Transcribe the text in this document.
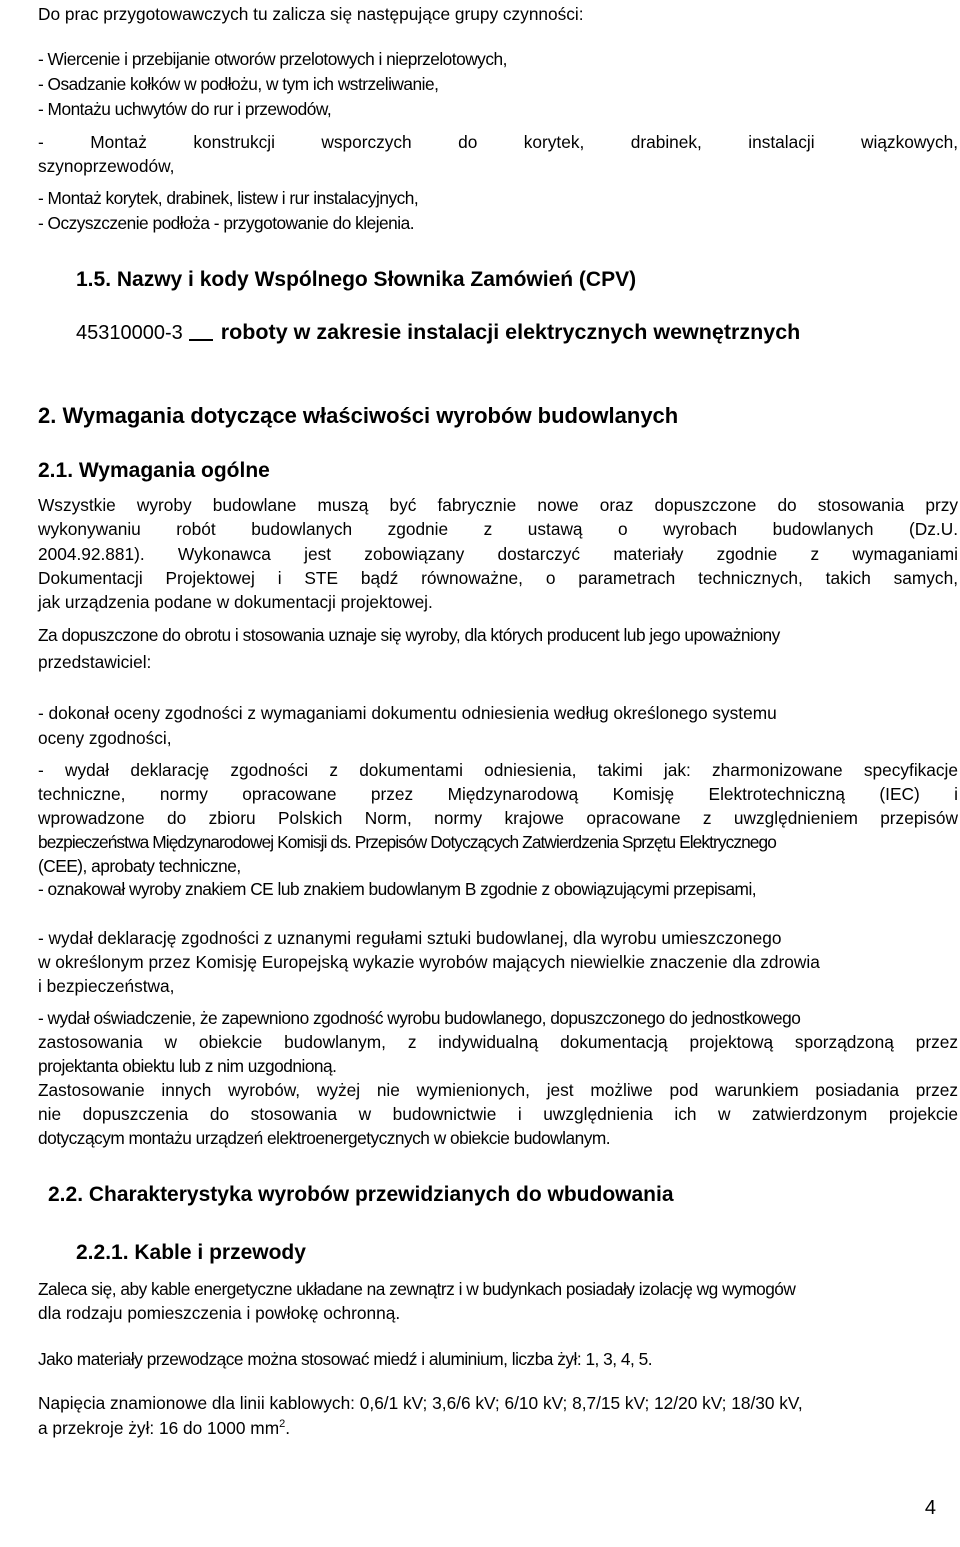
Do prac przygotowawczych tu zalicza się następujące grupy czynności:
- Wiercenie i przebijanie otworów przelotowych i nieprzelotowych,
- Osadzanie kołków w podłożu, w tym ich wstrzeliwanie,
- Montażu uchwytów do rur i przewodów,
- Montaż konstrukcji wsporczych do korytek, drabinek, instalacji wiązkowych,
szynoprzewodów,
- Montaż korytek, drabinek, listew i rur instalacyjnych,
- Oczyszczenie podłoża - przygotowanie do klejenia.
1.5. Nazwy i kody Wspólnego Słownika Zamówień (CPV)
45310000-3 roboty w zakresie instalacji elektrycznych wewnętrznych
2. Wymagania dotyczące właściwości wyrobów budowlanych
2.1. Wymagania ogólne
Wszystkie wyroby budowlane muszą być fabrycznie nowe oraz dopuszczone do stosowania przy
wykonywaniu robót budowlanych zgodnie z ustawą o wyrobach budowlanych (Dz.U.
2004.92.881). Wykonawca jest zobowiązany dostarczyć materiały zgodnie z wymaganiami
Dokumentacji Projektowej i STE bądź równoważne, o parametrach technicznych, takich samych,
jak urządzenia podane w dokumentacji projektowej.
Za dopuszczone do obrotu i stosowania uznaje się wyroby, dla których producent lub jego upoważniony
przedstawiciel:
- dokonał oceny zgodności z wymaganiami dokumentu odniesienia według określonego systemu
oceny zgodności,
- wydał deklarację zgodności z dokumentami odniesienia, takimi jak: zharmonizowane specyfikacje
techniczne, normy opracowane przez Międzynarodową Komisję Elektrotechniczną (IEC) i
wprowadzone do zbioru Polskich Norm, normy krajowe opracowane z uwzględnieniem przepisów
bezpieczeństwa Międzynarodowej Komisji ds. Przepisów Dotyczących Zatwierdzenia Sprzętu Elektrycznego
(CEE), aprobaty techniczne,
- oznakował wyroby znakiem CE lub znakiem budowlanym B zgodnie z obowiązującymi przepisami,
- wydał deklarację zgodności z uznanymi regułami sztuki budowlanej, dla wyrobu umieszczonego
w określonym przez Komisję Europejską wykazie wyrobów mających niewielkie znaczenie dla zdrowia
i bezpieczeństwa,
- wydał oświadczenie, że zapewniono zgodność wyrobu budowlanego, dopuszczonego do jednostkowego
zastosowania w obiekcie budowlanym, z indywidualną dokumentacją projektową sporządzoną przez
projektanta obiektu lub z nim uzgodnioną.
Zastosowanie innych wyrobów, wyżej nie wymienionych, jest możliwe pod warunkiem posiadania przez
nie dopuszczenia do stosowania w budownictwie i uwzględnienia ich w zatwierdzonym projekcie
dotyczącym montażu urządzeń elektroenergetycznych w obiekcie budowlanym.
2.2. Charakterystyka wyrobów przewidzianych do wbudowania
2.2.1. Kable i przewody
Zaleca się, aby kable energetyczne układane na zewnątrz i w budynkach posiadały izolację wg wymogów
dla rodzaju pomieszczenia i powłokę ochronną.
Jako materiały przewodzące można stosować miedź i aluminium, liczba żył: 1, 3, 4, 5.
Napięcia znamionowe dla linii kablowych: 0,6/1 kV; 3,6/6 kV; 6/10 kV; 8,7/15 kV; 12/20 kV; 18/30 kV,
a przekroje żył: 16 do 1000 $mm^2$.
4
